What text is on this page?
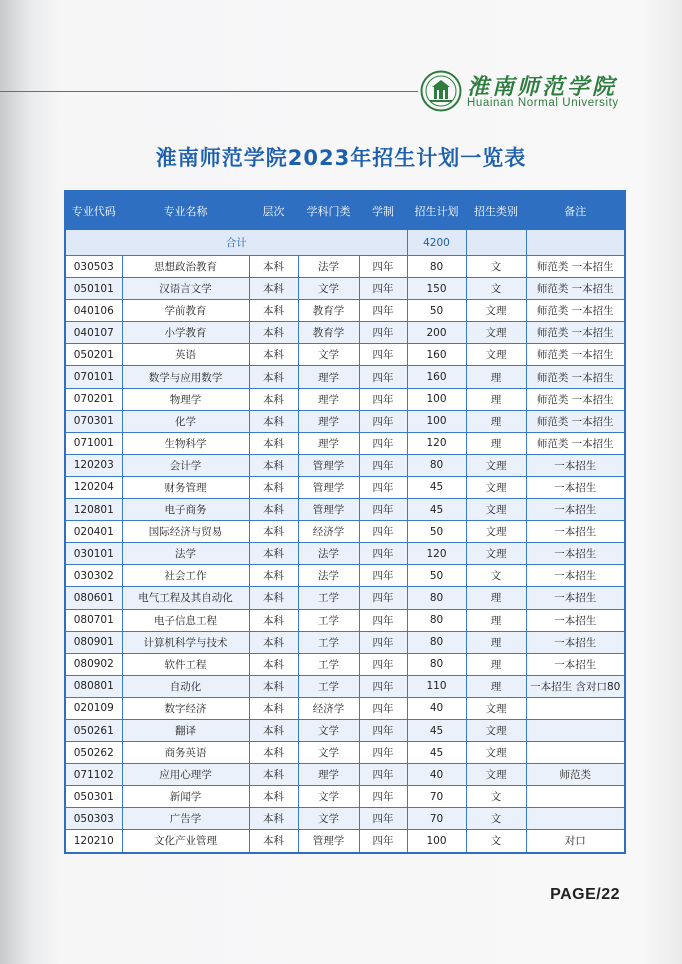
淮南师范学院
Huainan Normal University
淮南师范学院2023年招生计划一览表
专业代码	专业名称	层次	学科门类	学制	招生计划	招生类别	备注
合计					4200		
030503	思想政治教育	本科	法学	四年	80	文	师范类 一本招生
050101	汉语言文学	本科	文学	四年	150	文	师范类 一本招生
040106	学前教育	本科	教育学	四年	50	文理	师范类 一本招生
040107	小学教育	本科	教育学	四年	200	文理	师范类 一本招生
050201	英语	本科	文学	四年	160	文理	师范类 一本招生
070101	数学与应用数学	本科	理学	四年	160	理	师范类 一本招生
070201	物理学	本科	理学	四年	100	理	师范类 一本招生
070301	化学	本科	理学	四年	100	理	师范类 一本招生
071001	生物科学	本科	理学	四年	120	理	师范类 一本招生
120203	会计学	本科	管理学	四年	80	文理	一本招生
120204	财务管理	本科	管理学	四年	45	文理	一本招生
120801	电子商务	本科	管理学	四年	45	文理	一本招生
020401	国际经济与贸易	本科	经济学	四年	50	文理	一本招生
030101	法学	本科	法学	四年	120	文理	一本招生
030302	社会工作	本科	法学	四年	50	文	一本招生
080601	电气工程及其自动化	本科	工学	四年	80	理	一本招生
080701	电子信息工程	本科	工学	四年	80	理	一本招生
080901	计算机科学与技术	本科	工学	四年	80	理	一本招生
080902	软件工程	本科	工学	四年	80	理	一本招生
080801	自动化	本科	工学	四年	110	理	一本招生 含对口80
020109	数字经济	本科	经济学	四年	40	文理	
050261	翻译	本科	文学	四年	45	文理	
050262	商务英语	本科	文学	四年	45	文理	
071102	应用心理学	本科	理学	四年	40	文理	师范类
050301	新闻学	本科	文学	四年	70	文	
050303	广告学	本科	文学	四年	70	文	
120210	文化产业管理	本科	管理学	四年	100	文	对口
PAGE/22
